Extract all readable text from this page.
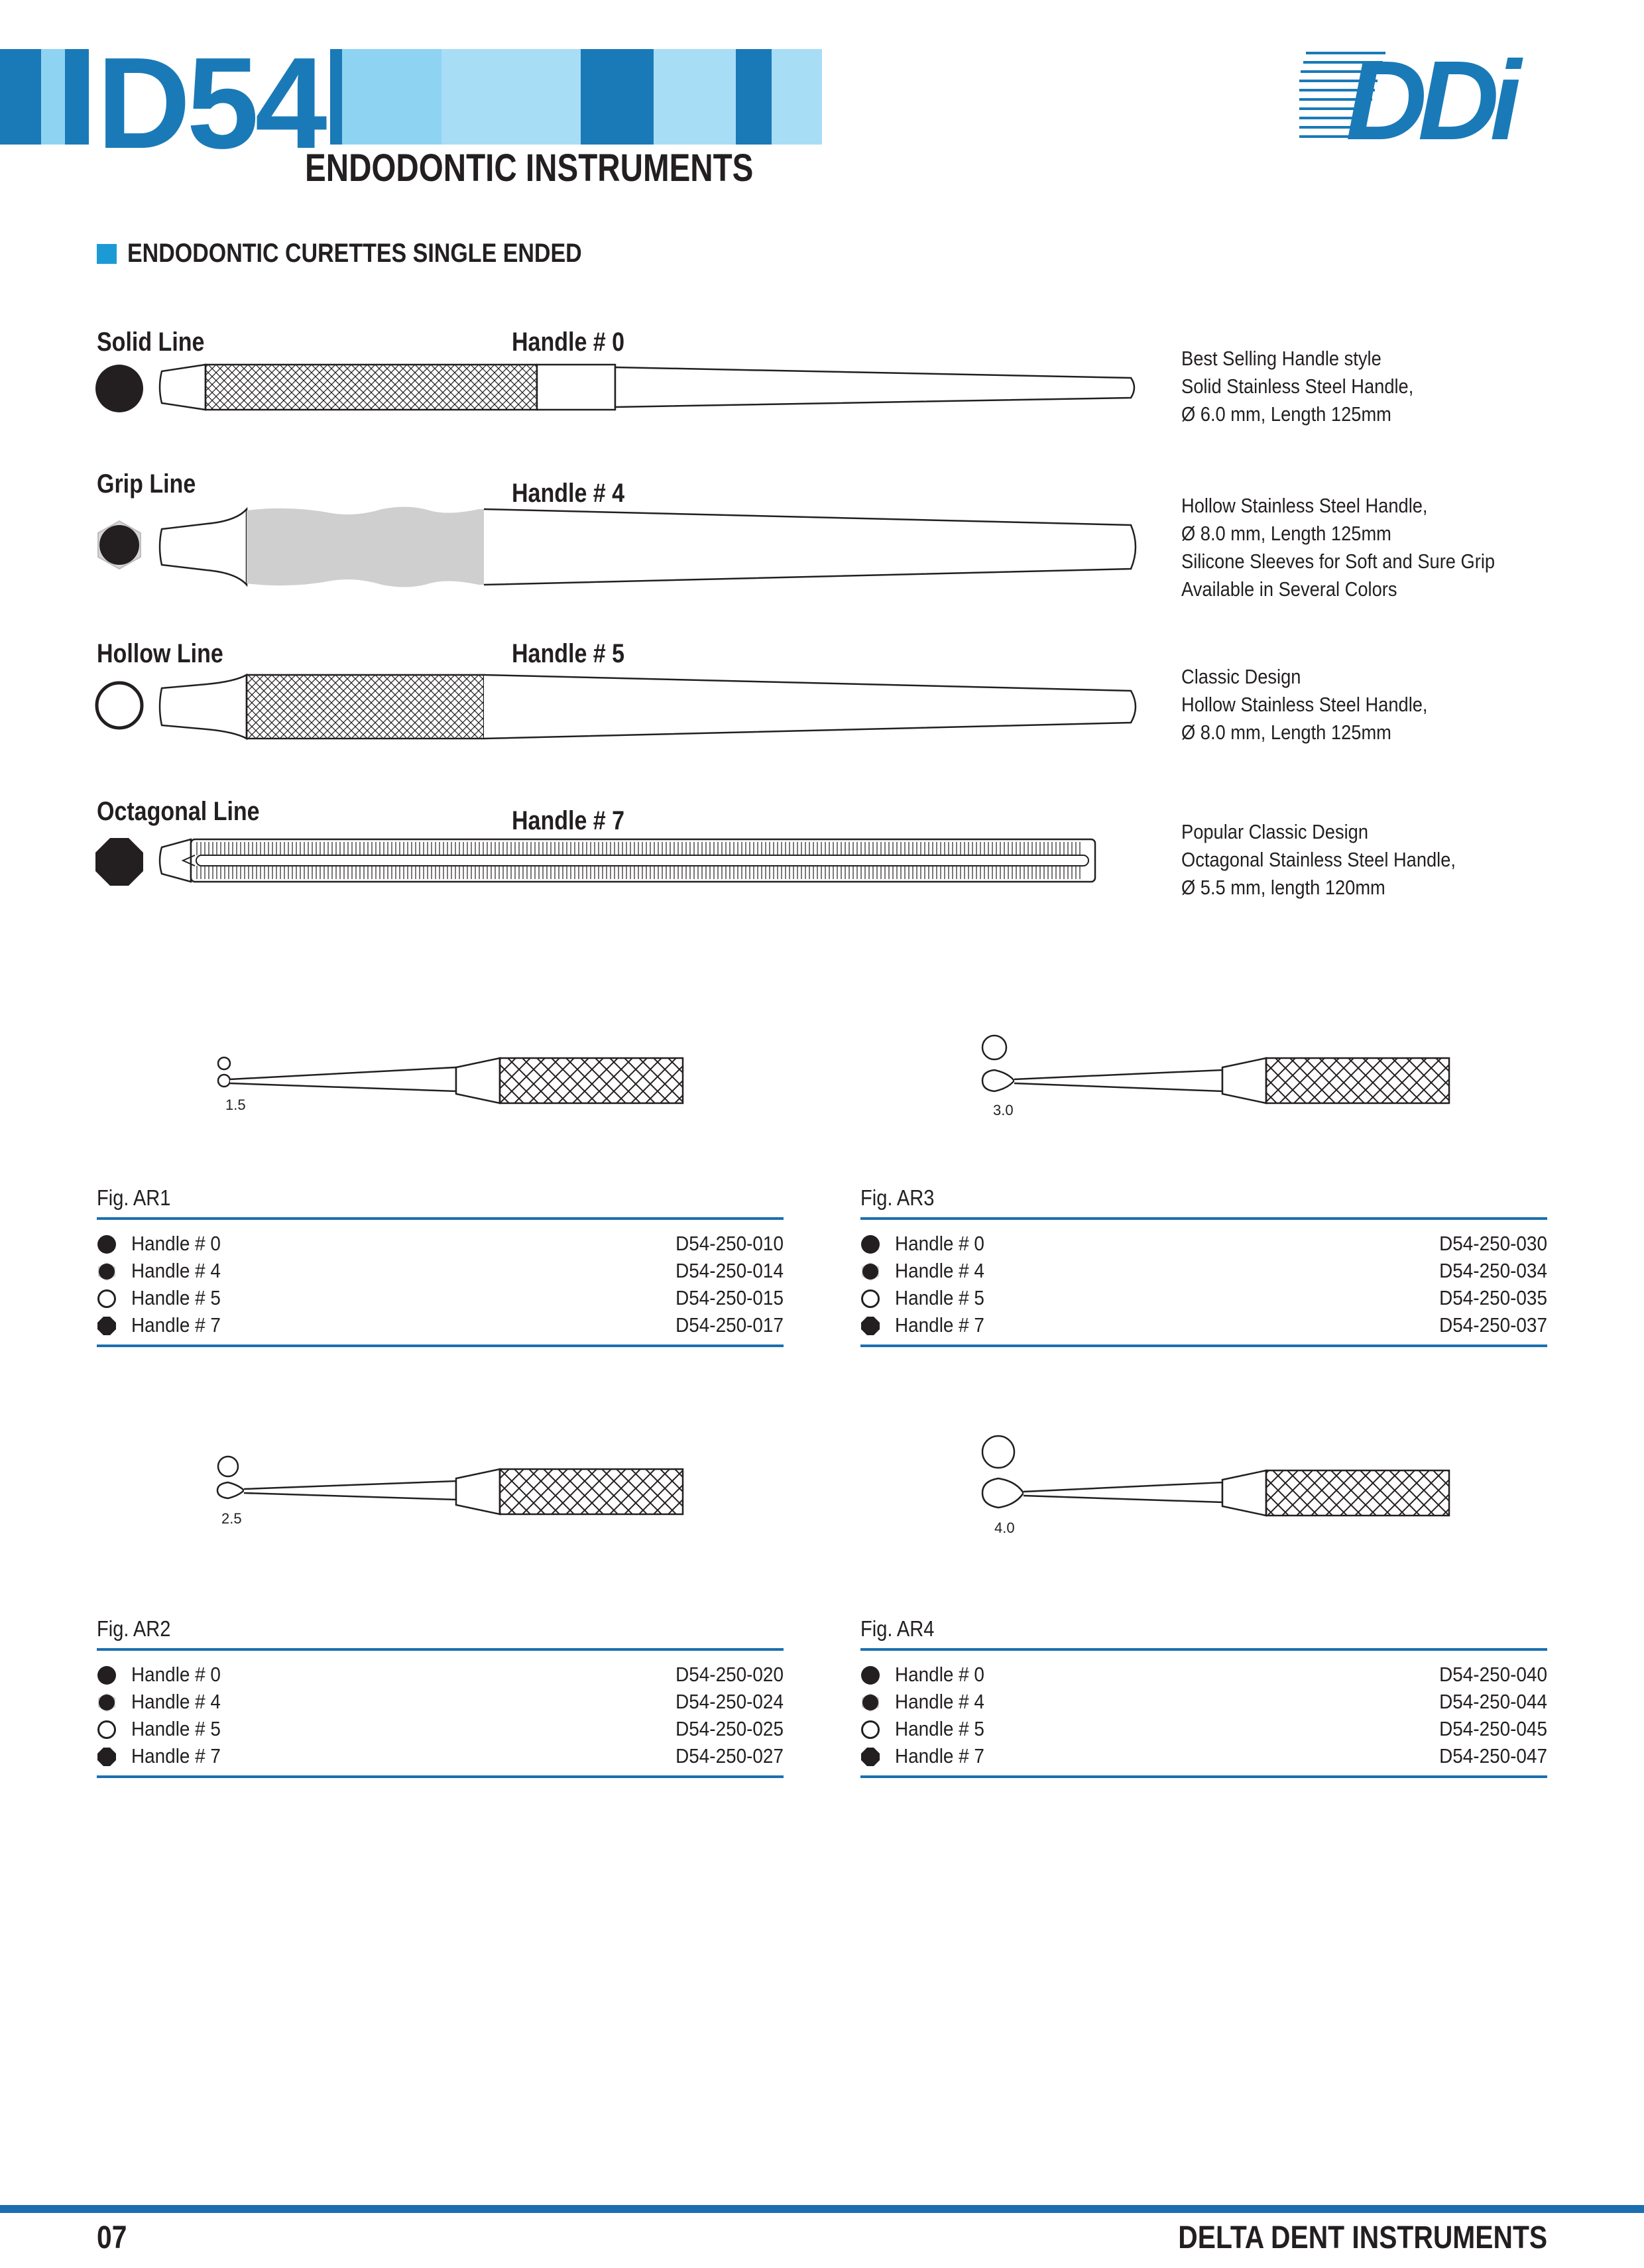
D54
ENDODONTIC INSTRUMENTS
DDi
ENDODONTIC CURETTES SINGLE ENDED
Solid Line	Handle # 0
Best Selling Handle style
Solid Stainless Steel Handle,
Ø 6.0 mm, Length 125mm
Grip Line	Handle # 4	Hollow Stainless Steel Handle,
Ø 8.0 mm, Length 125mm
Silicone Sleeves for Soft and Sure Grip
Available in Several Colors
Hollow Line	Handle # 5
Classic Design
Hollow Stainless Steel Handle,
Ø 8.0 mm, Length 125mm
Octagonal Line	Handle # 7	Popular Classic Design
Octagonal Stainless Steel Handle,
Ø 5.5 mm, length 120mm
1.5	3.0
2.5
4.0
Fig. AR1
Handle # 0	D54-250-010
Handle # 4	D54-250-014
Handle # 5	D54-250-015
Handle # 7	D54-250-017
Fig. AR3
Handle # 0	D54-250-030
Handle # 4	D54-250-034
Handle # 5	D54-250-035
Handle # 7	D54-250-037
Fig. AR2
Handle # 0	D54-250-020
Handle # 4	D54-250-024
Handle # 5	D54-250-025
Handle # 7	D54-250-027
Fig. AR4
Handle # 0	D54-250-040
Handle # 4	D54-250-044
Handle # 5	D54-250-045
Handle # 7	D54-250-047
07	DELTA DENT INSTRUMENTS
